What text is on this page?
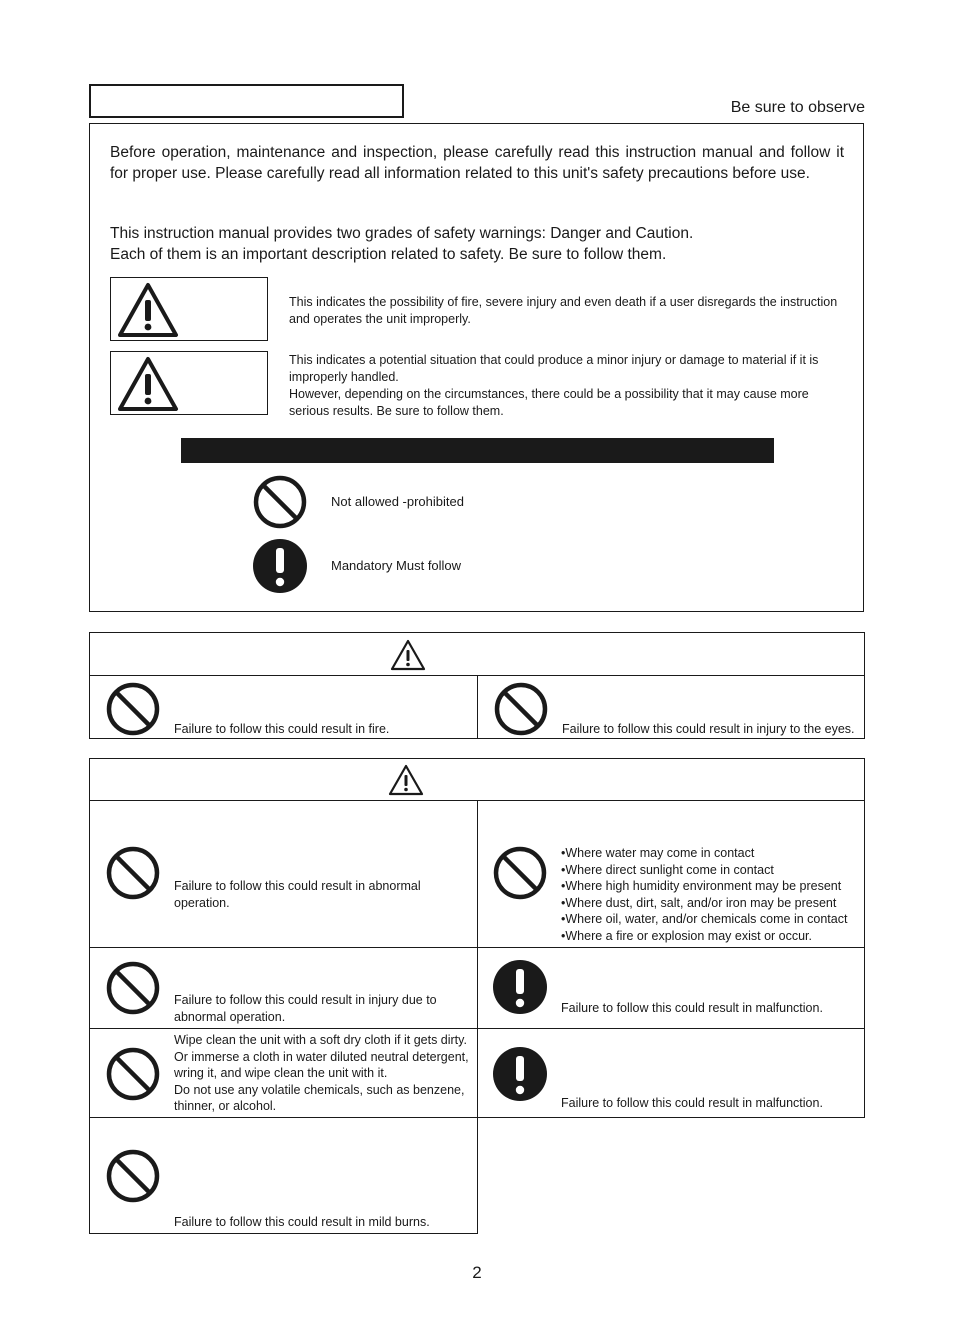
Be sure to observe
Before operation, maintenance and inspection, please carefully read this instruction manual and follow it for proper use. Please carefully read all information related to this unit's safety precautions before use.
This instruction manual provides two grades of safety warnings: Danger and Caution.
Each of them is an important description related to safety. Be sure to follow them.
This indicates the possibility of fire, severe injury and even death if a user disregards the instruction and operates the unit improperly.
This indicates a potential situation that could produce a minor injury or damage to material if it is improperly handled.
However, depending on the circumstances, there could be a possibility that it may cause more serious results. Be sure to follow them.
Not allowed -prohibited
Mandatory Must follow
Failure to follow this could result in fire.	Failure to follow this could result in injury to the eyes.
Failure to follow this could result in abnormal operation.
•Where water may come in contact
•Where direct sunlight come in contact
•Where high humidity environment may be present
•Where dust, dirt, salt, and/or iron may be present
•Where oil, water, and/or chemicals come in contact
•Where a fire or explosion may exist or occur.
Failure to follow this could result in injury due to abnormal operation.
Failure to follow this could result in malfunction.
Wipe clean the unit with a soft dry cloth if it gets dirty.
Or immerse a cloth in water diluted neutral detergent,
wring it, and wipe clean the unit with it.
Do not use any volatile chemicals, such as benzene,
thinner, or alcohol.	Failure to follow this could result in malfunction.
Failure to follow this could result in mild burns.
2
